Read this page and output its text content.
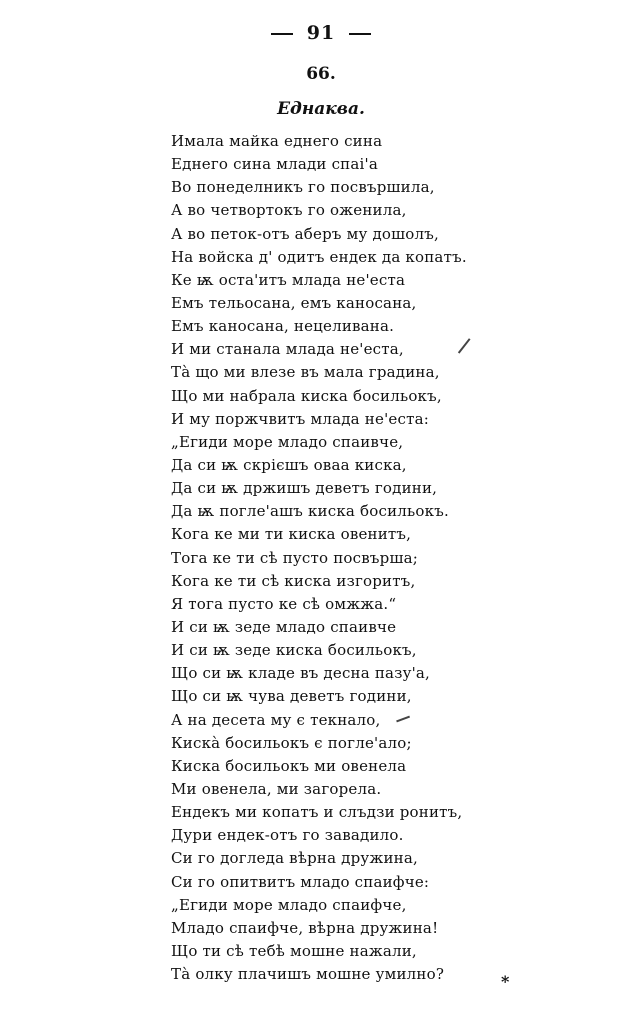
91
66.
Еднаква.
Имала майка еднего сина
Еднего сина млади спаі'а
Во понеделникъ го посвършила,
А во четвортокъ го оженила,
А во петок-отъ аберъ му дошолъ,
На войска д' одитъ ендек да копатъ.
Ке ѭ оста'итъ млада не'еста
Емъ тельосана, емъ каносана,
Емъ каносана, нецеливана.
И ми станала млада не'еста,
Тà що ми влезе въ мала градина,
Що ми набрала киска босильокъ,
И му поржчвитъ млада не'еста:
„Егиди море младо спаивче,
Да си ѭ скрієшъ оваа киска,
Да си ѭ држишъ деветъ години,
Да ѭ погле'ашъ киска босильокъ.
Кога ке ми ти киска овенитъ,
Тога ке ти сѣ пусто посвърша;
Кога ке ти сѣ киска изгоритъ,
Я тога пусто ке сѣ омжжа.“
И си ѭ зеде младо спаивче
И си ѭ зеде киска босильокъ,
Що си ѭ кладе въ десна пазу'а,
Що си ѭ чува деветъ години,
А на десета му є текнало,
Кискà босильокъ є погле'ало;
Киска босильокъ ми овенела
Ми овенела, ми загорела.
Ендекъ ми копатъ и слъдзи ронитъ,
Дури ендек-отъ го завадило.
Си го доглeда вѣрна дружина,
Си го опитвитъ младо спаифче:
„Егиди море младо спаифче,
Младо спаифче, вѣрна дружина!
Що ти сѣ тебѣ мошне нажали,
Тà олку плачишъ мошне умилно?	*
